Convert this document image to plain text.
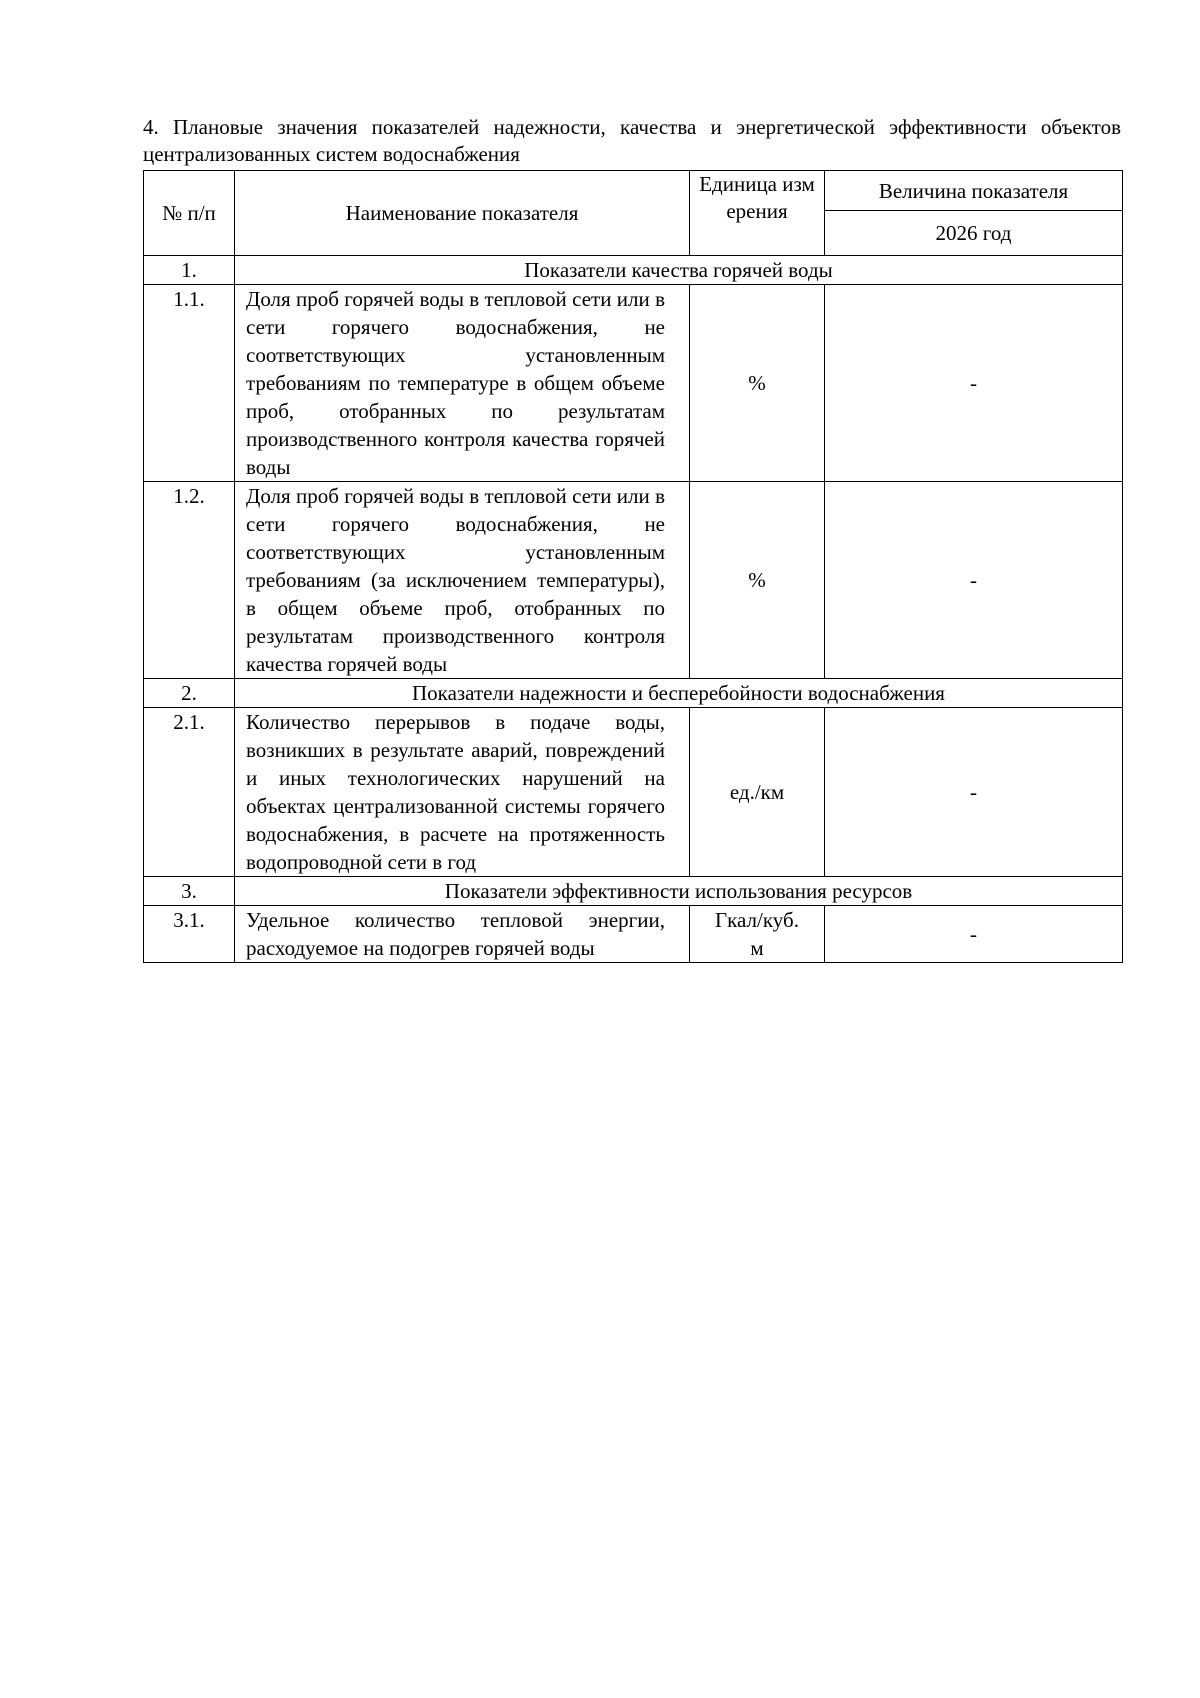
4. Плановые значения показателей надежности, качества и энергетической эффективности объектов централизованных систем водоснабжения
№ п/п	Наименование показателя	Единица измерения	Величина показателя
			2026 год
1.	Показатели качества горячей воды		
1.1.	Доля проб горячей воды в тепловой сети или в сети горячего водоснабжения, не соответствующих установленным требованиям по температуре в общем объеме проб, отобранных по результатам производственного контроля качества горячей воды	%	-
1.2.	Доля проб горячей воды в тепловой сети или в сети горячего водоснабжения, не соответствующих установленным требованиям (за исключением температуры), в общем объеме проб, отобранных по результатам производственного контроля качества горячей воды	%	-
2.	Показатели надежности и бесперебойности водоснабжения		
2.1.	Количество перерывов в подаче воды, возникших в результате аварий, повреждений и иных технологических нарушений на объектах централизованной системы горячего водоснабжения, в расчете на протяженность водопроводной сети в год	ед./км	-
3.	Показатели эффективности использования ресурсов		
3.1.	Удельное количество тепловой энергии, расходуемое на подогрев горячей воды	Гкал/куб. м	-
